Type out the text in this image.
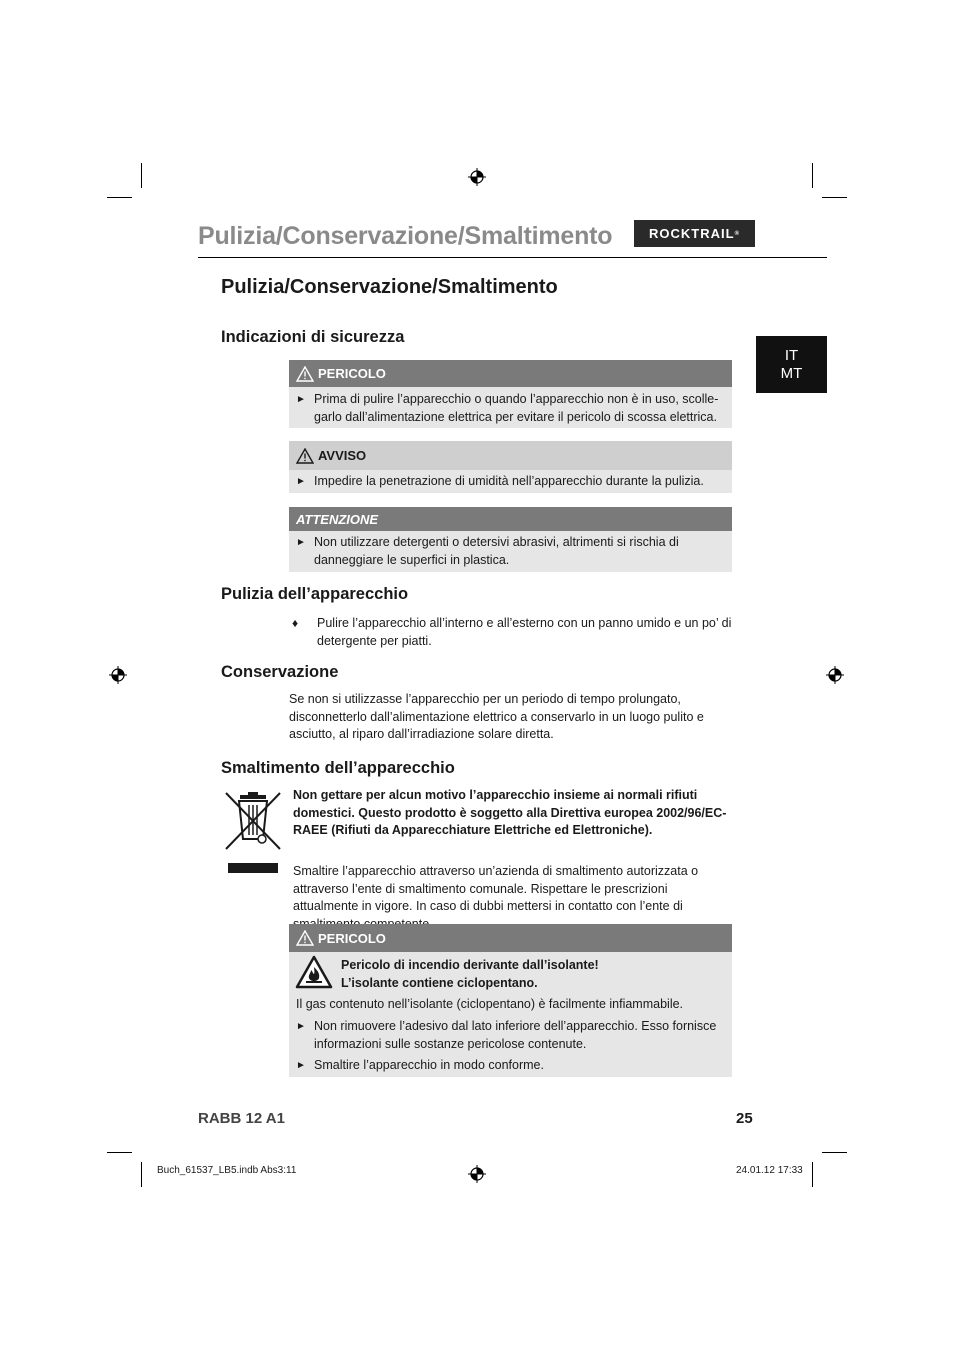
Pulizia/Conservazione/Smaltimento	ROCKTRAIL ®
IT
MT
Pulizia/Conservazione/Smaltimento
Indicazioni di sicurezza
PERICOLO
► Prima di pulire l’apparecchio o quando l’apparecchio non è in uso, scolle-garlo dall’alimentazione elettrica per evitare il pericolo di scossa elettrica.
AVVISO
► Impedire la penetrazione di umidità nell’apparecchio durante la pulizia.
ATTENZIONE
► Non utilizzare detergenti o detersivi abrasivi, altrimenti si rischia di danneggiare le superfici in plastica.
Pulizia dell’apparecchio
♦ Pulire l’apparecchio all’interno e all’esterno con un panno umido e un po’ di detergente per piatti.
Conservazione
Se non si utilizzasse l’apparecchio per un periodo di tempo prolungato, disconnetterlo dall’alimentazione elettrico a conservarlo in un luogo pulito e asciutto, al riparo dall’irradiazione solare diretta.
Smaltimento dell’apparecchio
Non gettare per alcun motivo l’apparecchio insieme ai normali rifiuti domestici. Questo prodotto è soggetto alla Direttiva europea 2002/96/EC-RAEE (Rifiuti da Apparecchiature Elettriche ed Elettroniche).
Smaltire l’apparecchio attraverso un’azienda di smaltimento autorizzata o attraverso l’ente di smaltimento comunale. Rispettare le prescrizioni attualmente in vigore. In caso di dubbi mettersi in contatto con l’ente di
PERICOLO
Pericolo di incendio derivante dall’isolante!
L’isolante contiene ciclopentano.
Il gas contenuto nell’isolante (ciclopentano) è facilmente infiammabile.
► Non rimuovere l’adesivo dal lato inferiore dell’apparecchio. Esso fornisce informazioni sulle sostanze pericolose contenute.
► Smaltire l’apparecchio in modo conforme.
RABB 12 A1	25
Buch_61537_LB5.indb Abs3:11	24.01.12 17:33
